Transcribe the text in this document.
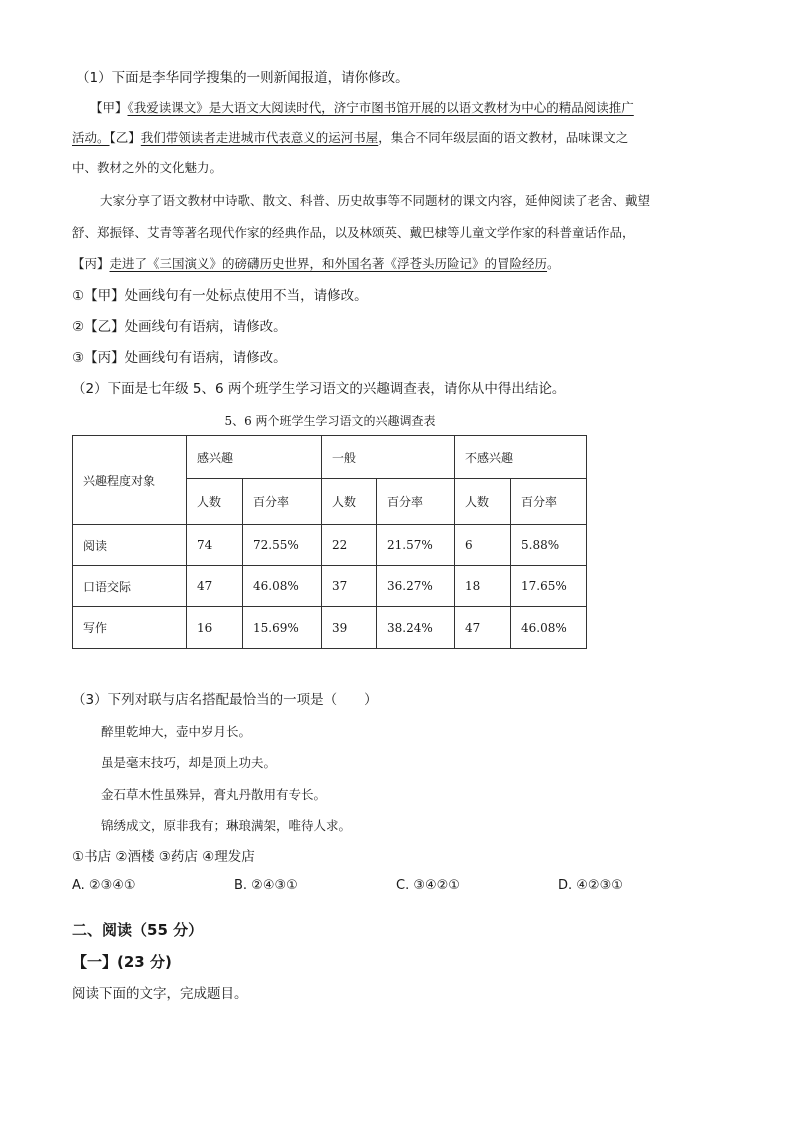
（1）下面是李华同学搜集的一则新闻报道，请你修改。
【甲】《我爱读课文》是大语文大阅读时代，济宁市图书馆开展的以语文教材为中心的精品阅读推广
活动。【乙】我们带领读者走进城市代表意义的运河书屋，集合不同年级层面的语文教材，品味课文之
中、教材之外的文化魅力。
大家分享了语文教材中诗歌、散文、科普、历史故事等不同题材的课文内容，延伸阅读了老舍、戴望
舒、郑振铎、艾青等著名现代作家的经典作品，以及林颂英、戴巴棣等儿童文学作家的科普童话作品，
【丙】走进了《三国演义》的磅礴历史世界，和外国名著《浮苍头历险记》的冒险经历。
①【甲】处画线句有一处标点使用不当，请修改。
②【乙】处画线句有语病，请修改。
③【丙】处画线句有语病，请修改。
（2）下面是七年级 5、6 两个班学生学习语文的兴趣调查表，请你从中得出结论。
5、6 两个班学生学习语文的兴趣调查表
兴趣程度对象	感兴趣		一般		不感兴趣	
	人数	百分率	人数	百分率	人数	百分率
阅读	74	72.55%	22	21.57%	6	5.88%
口语交际	47	46.08%	37	36.27%	18	17.65%
写作	16	15.69%	39	38.24%	47	46.08%
（3）下列对联与店名搭配最恰当的一项是（　　）
醉里乾坤大，壶中岁月长。
虽是毫末技巧，却是顶上功夫。
金石草木性虽殊异，膏丸丹散用有专长。
锦绣成文，原非我有；琳琅满架，唯待人求。
①书店 ②酒楼 ③药店 ④理发店
A. ②③④①	B. ②④③①	C. ③④②①	D. ④②③①
二、阅读（55 分）
【一】(23 分)
阅读下面的文字，完成题目。
